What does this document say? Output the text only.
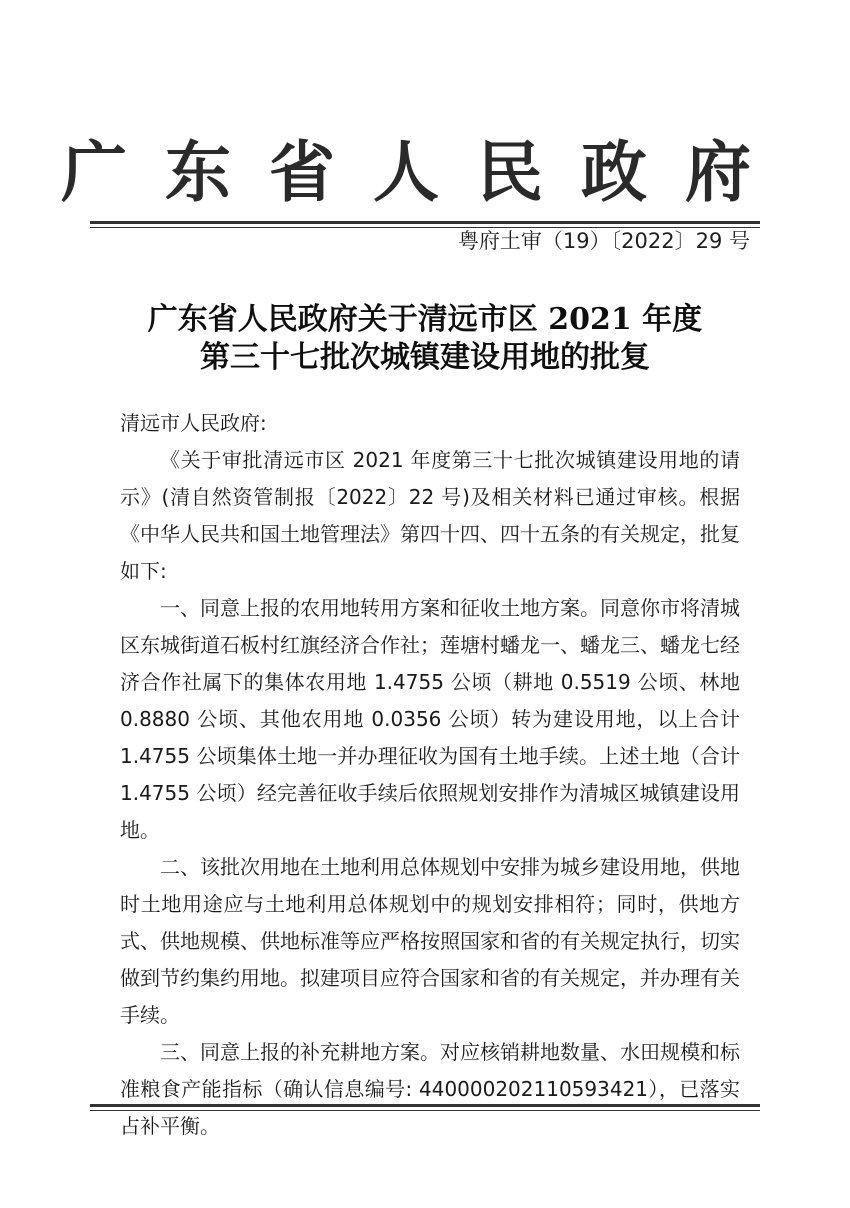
广东省人民政府
粤府土审（19）〔2022〕29 号
广东省人民政府关于清远市区 2021 年度
第三十七批次城镇建设用地的批复

清远市人民政府:

《关于审批清远市区 2021 年度第三十七批次城镇建设用地的请示》(清自然资管制报〔2022〕22 号)及相关材料已通过审核。根据《中华人民共和国土地管理法》第四十四、四十五条的有关规定，批复如下:

一、同意上报的农用地转用方案和征收土地方案。同意你市将清城区东城街道石板村红旗经济合作社；莲塘村蟠龙一、蟠龙三、蟠龙七经济合作社属下的集体农用地 1.4755 公顷（耕地 0.5519 公顷、林地 0.8880 公顷、其他农用地 0.0356 公顷）转为建设用地，以上合计 1.4755 公顷集体土地一并办理征收为国有土地手续。上述土地（合计 1.4755 公顷）经完善征收手续后依照规划安排作为清城区城镇建设用地。

二、该批次用地在土地利用总体规划中安排为城乡建设用地，供地时土地用途应与土地利用总体规划中的规划安排相符；同时，供地方式、供地规模、供地标准等应严格按照国家和省的有关规定执行，切实做到节约集约用地。拟建项目应符合国家和省的有关规定，并办理有关手续。

三、同意上报的补充耕地方案。对应核销耕地数量、水田规模和标准粮食产能指标（确认信息编号: 440000202110593421），已落实占补平衡。
